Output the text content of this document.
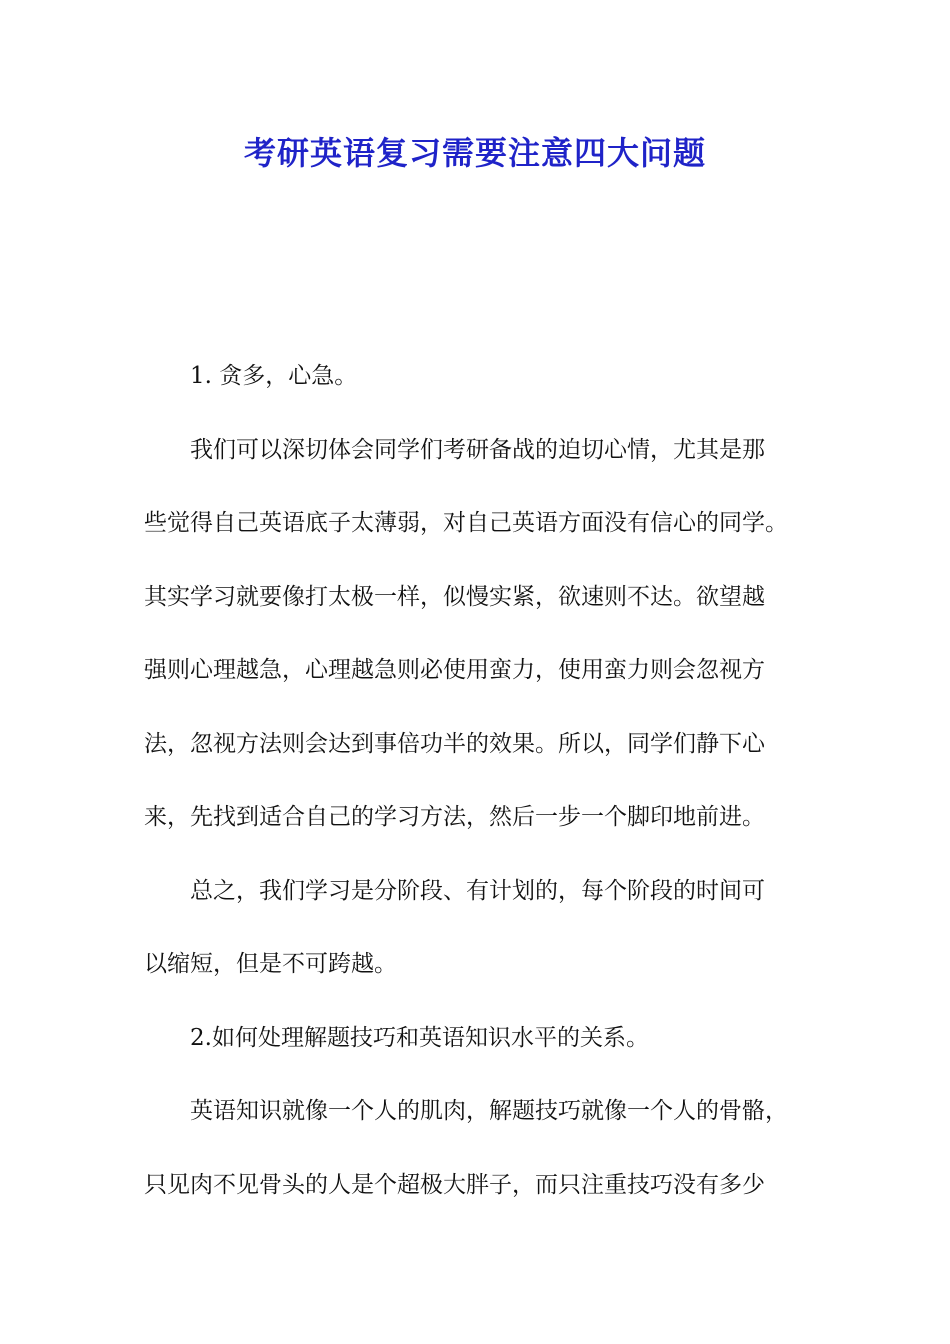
考研英语复习需要注意四大问题

1. 贪多，心急。

我们可以深切体会同学们考研备战的迫切心情，尤其是那
些觉得自己英语底子太薄弱，对自己英语方面没有信心的同学。
其实学习就要像打太极一样，似慢实紧，欲速则不达。欲望越
强则心理越急，心理越急则必使用蛮力，使用蛮力则会忽视方
法，忽视方法则会达到事倍功半的效果。所以，同学们静下心
来，先找到适合自己的学习方法，然后一步一个脚印地前进。

总之，我们学习是分阶段、有计划的，每个阶段的时间可
以缩短，但是不可跨越。

2.如何处理解题技巧和英语知识水平的关系。

英语知识就像一个人的肌肉，解题技巧就像一个人的骨骼，
只见肉不见骨头的人是个超极大胖子，而只注重技巧没有多少
